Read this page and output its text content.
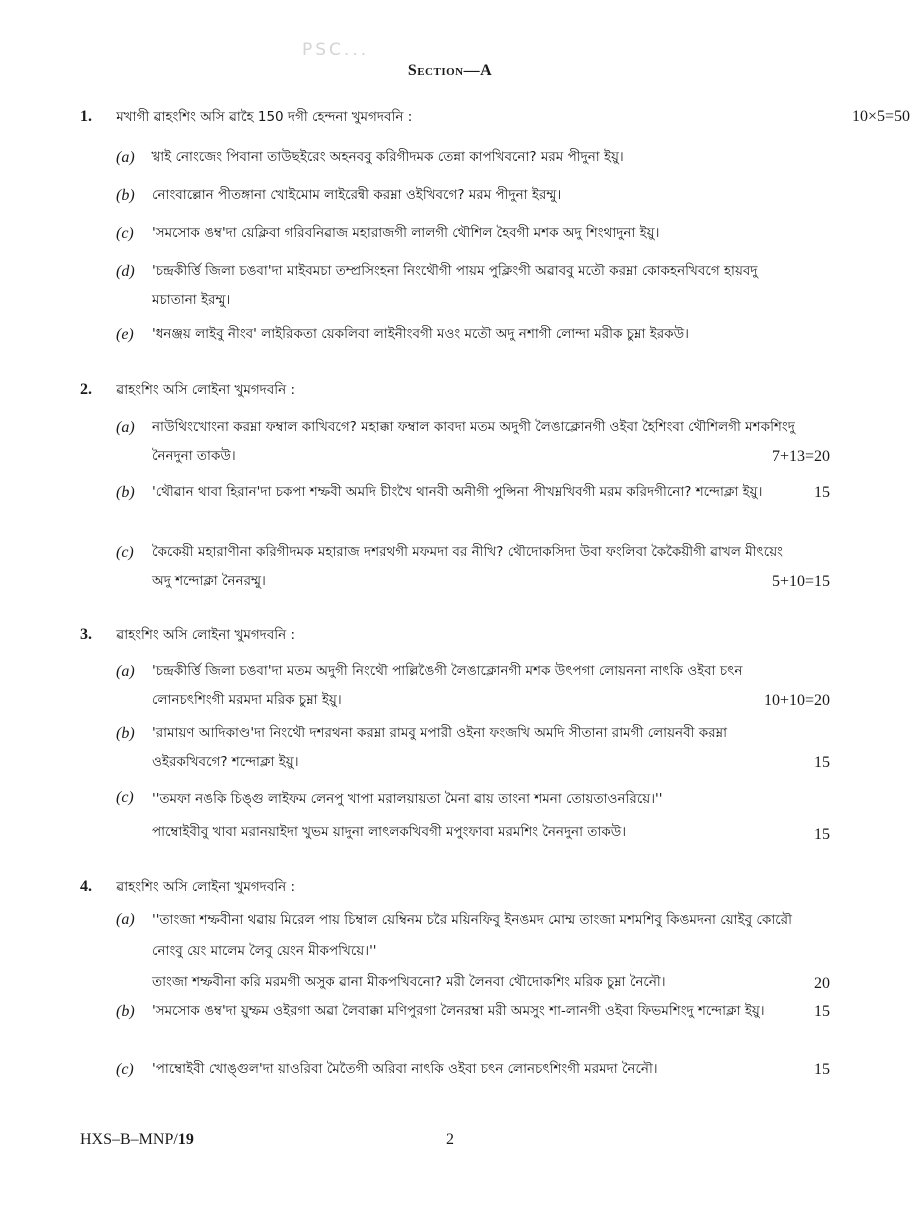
PSC...
Section—A
1. মখাগী ৱাহংশিং অসি ৱাহৈ 150 দগী হেন্দনা খুমগদবনি :	10×5=50
(a) খ্বাই নোংজেং পিবানা তাউছইরেং অহনববু করিগীদমক তেন্না কাপখিবনো? মরম পীদুনা ইয়ু।
(b) নোংবাল্লোন পীতঙ্গানা খোইমোম লাইরেন্বী করম্না ওইখিবগে? মরম পীদুনা ইরম্মু।
(c) 'সমসোক ঙম্ব'দা য়েক্লিবা গরিবনিৱাজ মহারাজগী লালগী থৌশিল হৈবগী মশক অদু শিংথাদুনা ইয়ু।
(d) 'চন্দ্রকীর্ত্তি জিলা চঙবা'দা মাইবমচা তম্প্রসিংহনা নিংথৌগী পায়ম পুক্লিংগী অৱাববু মতৌ করম্না কোকহনখিবগে হায়বদু মচাতানা ইরম্মু।
(e) 'ধনঞ্জয় লাইবু নীংব' লাইরিকতা য়েকলিবা লাইনীংবগী মওং মতৌ অদু নশাগী লোন্দা মরীক চুম্না ইরকউ।
2. ৱাহংশিং অসি লোইনা খুমগদবনি :
(a) নাউথিংখোংনা করম্না ফম্বাল কাখিবগে? মহাক্কা ফম্বাল কাবদা মতম অদুগী লৈঙাক্লোনগী ওইবা হৈশিংবা থৌশিলগী মশকশিংদু নৈনদুনা তাকউ।	7+13=20
(b) 'থৌৱান থাবা হিরান'দা চকপা শম্ফবী অমদি চীংখৈ থানবী অনীগী পুন্সিনা পীখম্নখিবগী মরম করিদগীনো? শন্দোক্লা ইয়ু।	15
(c) কৈকেয়ী মহারাণীনা করিগীদমক মহারাজ দশরথগী মফমদা বর নীখি? থৌদোকসিদা উবা ফংলিবা কৈকৈয়ীগী ৱাখল মীৎয়েং অদু শন্দোক্লা নৈনরম্মু।	5+10=15
3. ৱাহংশিং অসি লোইনা খুমগদবনি :
(a) 'চন্দ্রকীর্ত্তি জিলা চঙবা'দা মতম অদুগী নিংথৌ পাল্লিঙৈগী লৈঙাক্লোনগী মশক উৎপগা লোয়ননা নাৎকি ওইবা চৎন লোনচৎশিংগী মরমদা মরিক চুম্না ইয়ু।	10+10=20
(b) 'রামায়ণ আদিকাণ্ড'দা নিংথৌ দশরথনা করম্না রামবু মপারী ওইনা ফংজখি অমদি সীতানা রামগী লোয়নবী করম্না ওইরকখিবগে? শন্দোক্লা ইয়ু।	15
(c) ''তমফা নঙকি চিঙ্গু লাইফম লেনপু খাপা মরালয়ায়তা মৈনা ৱায় তাংনা শমনা তোয়তাওনরিয়ে।''
পাম্বোইবীবু খাবা মরানয়াইদা খুভম য়াদুনা লাৎলকখিবগী মপুংফাবা মরমশিং নৈনদুনা তাকউ।	15
4. ৱাহংশিং অসি লোইনা খুমগদবনি :
(a) ''তাংজা শম্ফবীনা থৱায় মিরেল পায় চিম্বাল য়েম্বিনম চরৈ ময়িনফিবু ইনঙমদ মোম্ম তাংজা মশমশিবু কিঙমদনা য়োইবু কোরৌ নোংবু য়েং মালেম লৈবু য়েংন মীকপখিয়ে।''
তাংজা শম্ফবীনা করি মরমগী অসুক ৱানা মীকপখিবনো? মরী লৈনবা থৌদোকশিং মরিক চুম্না নৈনৌ।	20
(b) 'সমসোক ঙম্ব'দা য়ুম্ফম ওইরগা অৱা লৈবাক্কা মণিপুরগা লৈনরম্বা মরী অমসুং শা-লানগী ওইবা ফিভমশিংদু শন্দোক্লা ইয়ু।	15
(c) 'পাম্বোইবী খোঙ্গুল'দা য়াওরিবা মৈতৈগী অরিবা নাৎকি ওইবা চৎন লোনচৎশিংগী মরমদা নৈনৌ।	15
HXS–B–MNP/19	2
